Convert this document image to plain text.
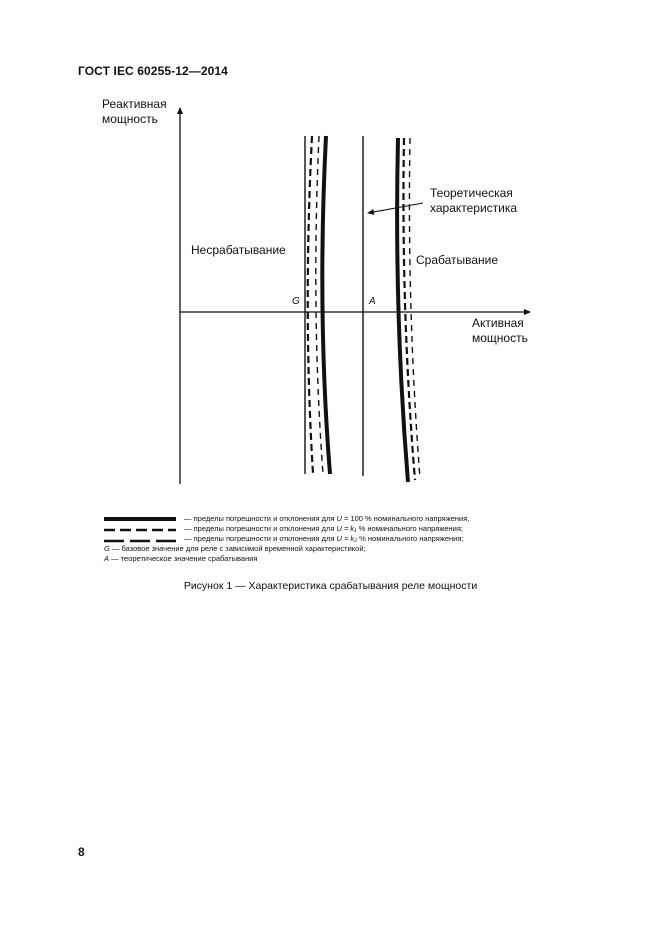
ГОСТ IEC 60255-12—2014
Реактивная
мощность
Теоретическая
характеристика
Несрабатывание
Срабатывание
G	A
Активная
мощность
— пределы погрешности и отклонения для U = 100 % номинального напряжения,
— пределы погрешности и отклонения для U = k₁ % номинального напряжения;
— пределы погрешности и отклонения для U = k₂ % номинального напряжения;
G — базовое значение для реле с зависимой временной характеристикой;
A — теоретическое значение срабатывания
Рисунок 1 — Характеристика срабатывания реле мощности
8
